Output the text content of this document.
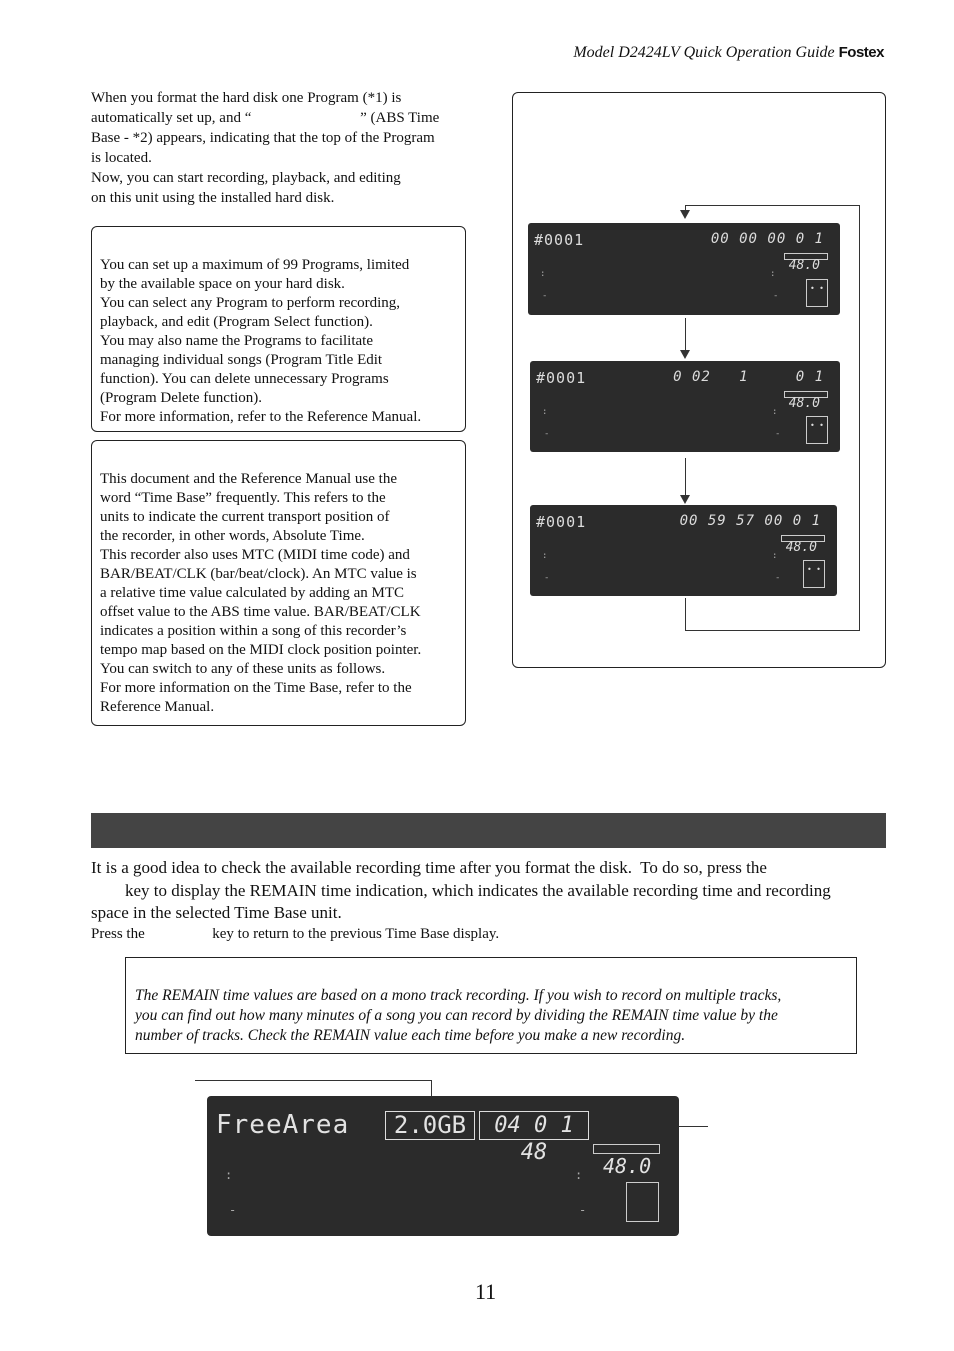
Model D2424LV Quick Operation Guide Fostex
When you format the hard disk one Program (*1) is
automatically set up, and “                             ” (ABS Time
Base - *2) appears, indicating that the top of the Program
is located.
Now, you can start recording, playback, and editing
on this unit using the installed hard disk.

You can set up a maximum of 99 Programs, limited

by the available space on your hard disk.

You can select any Program to perform recording,

playback, and edit (Program Select function).

You may also name the Programs to facilitate

managing individual songs (Program Title Edit

function). You can delete unnecessary Programs

(Program Delete function).

For more information, refer to the Reference Manual.

This document and the Reference Manual use the

word “Time Base” frequently. This refers to the

units to indicate the current transport position of

the recorder, in other words, Absolute Time.

This recorder also uses MTC (MIDI time code) and

BAR/BEAT/CLK (bar/beat/clock). An MTC value is

a relative time value calculated by adding an MTC

offset value to the ABS time value. BAR/BEAT/CLK

indicates a position within a song of this recorder’s

tempo map based on the MIDI clock position pointer.

You can switch to any of these units as follows.

For more information on the Time Base, refer to the

Reference Manual.

#0001	00 00 00 0 1
48.0
:	:
-	-
• •
#0001	0 02   1     0 1
48.0
:	:
-	-
• •
#0001	00 59 57 00 0 1
48.0
:	:
-	-
• •
It is a good idea to check the available recording time after you format the disk.  To do so, press the
key to display the REMAIN time indication, which indicates the available recording time and recording
space in the selected Time Base unit.
Press the                  key to return to the previous Time Base display.

The REMAIN time values are based on a mono track recording. If you wish to record on multiple tracks,

you can find out how many minutes of a song you can record by dividing the REMAIN time value by the

number of tracks. Check the REMAIN value each time before you make a new recording.

FreeArea	2.0GB	04 0 1 48
48.0
:	:
-	-
11
